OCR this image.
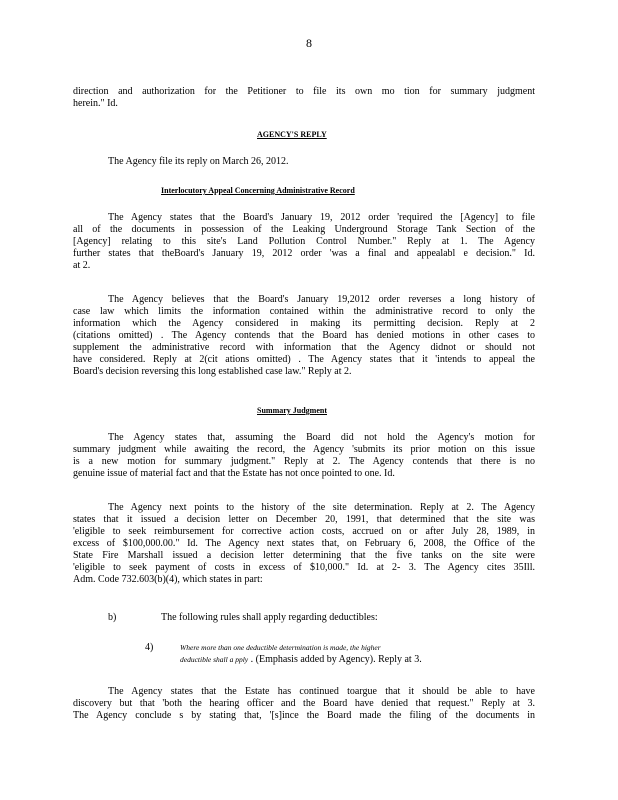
8
direction and authorization for the Petitioner to file its own mo tion for summary judgment
herein." Id.
AGENCY'S REPLY
The Agency file its reply on March 26, 2012.
Interlocutory Appeal Concerning Administrative Record
The Agency states that the Board's January 19, 2012 order 'required the [Agency] to file
all of the documents in possession of the Leaking Underground Storage Tank Section of the
[Agency] relating to this site's Land Pollution Control Number." Reply at 1. The Agency
further states that theBoard's January 19, 2012 order 'was a final and appealabl e decision." Id.
at 2.
The Agency believes that the Board's January 19,2012 order reverses a long history of
case law which limits the information contained within the administrative record to only the
information which the Agency considered in making its permitting decision. Reply at 2
(citations omitted) . The Agency contends that the Board has denied motions in other cases to
supplement the administrative record with information that the Agency didnot or should not
have considered. Reply at 2(cit ations omitted) . The Agency states that it 'intends to appeal the
Board's decision reversing this long established case law." Reply at 2.
Summary Judgment
The Agency states that, assuming the Board did not hold the Agency's motion for
summary judgment while awaiting the record, the Agency 'submits its prior motion on this issue
is a new motion for summary judgment." Reply at 2. The Agency contends that there is no
genuine issue of material fact and that the Estate has not once pointed to one. Id.
The Agency next points to the history of the site determination. Reply at 2. The Agency
states that it issued a decision letter on December 20, 1991, that determined that the site was
'eligible to seek reimbursement for corrective action costs, accrued on or after July 28, 1989, in
excess of $100,000.00." Id. The Agency next states that, on February 6, 2008, the Office of the
State Fire Marshall issued a decision letter determining that the five tanks on the site were
'eligible to seek payment of costs in excess of $10,000." Id. at 2- 3. The Agency cites 35Ill.
Adm. Code 732.603(b)(4), which states in part:
b)	The following rules shall apply regarding deductibles:
4)	Where more than one deductible determination is made, the higher
deductible shall a pply . (Emphasis added by Agency). Reply at 3.
The Agency states that the Estate has continued toargue that it should be able to have
discovery but that 'both the hearing officer and the Board have denied that request." Reply at 3.
The Agency conclude s by stating that, '[s]ince the Board made the filing of the documents in
